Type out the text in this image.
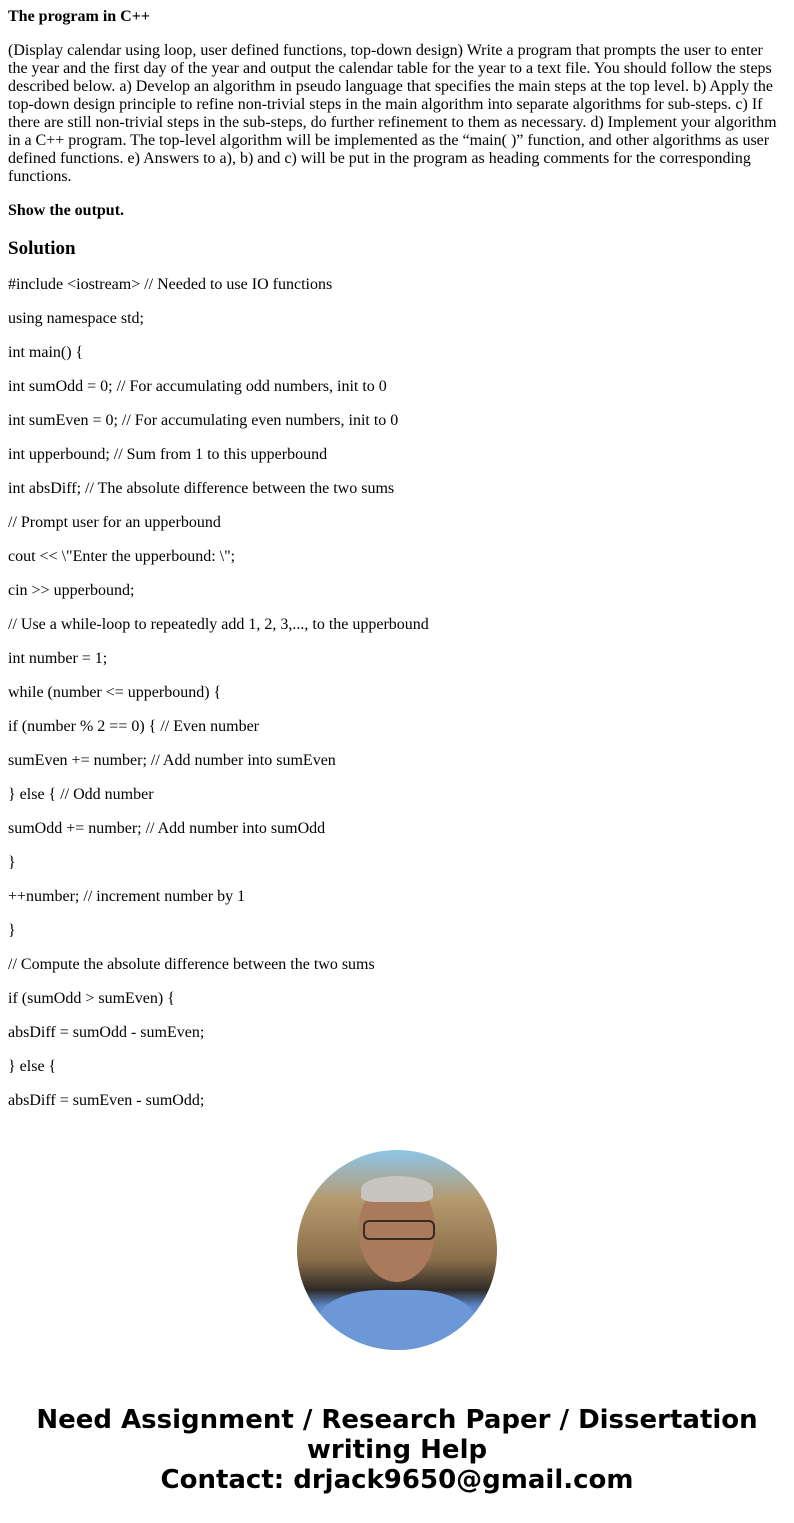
The program in C++

(Display calendar using loop, user defined functions, top-down design) Write a program that prompts the user to enter the year and the first day of the year and output the calendar table for the year to a text file. You should follow the steps described below. a) Develop an algorithm in pseudo language that specifies the main steps at the top level. b) Apply the top-down design principle to refine non-trivial steps in the main algorithm into separate algorithms for sub-steps. c) If there are still non-trivial steps in the sub-steps, do further refinement to them as necessary. d) Implement your algorithm in a C++ program. The top-level algorithm will be implemented as the “main( )” function, and other algorithms as user defined functions. e) Answers to a), b) and c) will be put in the program as heading comments for the corresponding functions.

Show the output.

Solution

#include <iostream> // Needed to use IO functions

using namespace std;

int main() {

int sumOdd = 0; // For accumulating odd numbers, init to 0

int sumEven = 0; // For accumulating even numbers, init to 0

int upperbound; // Sum from 1 to this upperbound

int absDiff; // The absolute difference between the two sums

// Prompt user for an upperbound

cout << \"Enter the upperbound: \";

cin >> upperbound;

// Use a while-loop to repeatedly add 1, 2, 3,..., to the upperbound

int number = 1;

while (number <= upperbound) {

if (number % 2 == 0) { // Even number

sumEven += number; // Add number into sumEven

} else { // Odd number

sumOdd += number; // Add number into sumOdd

}

++number; // increment number by 1

}

// Compute the absolute difference between the two sums

if (sumOdd > sumEven) {

absDiff = sumOdd - sumEven;

} else {

absDiff = sumEven - sumOdd;

Need Assignment / Research Paper / Dissertation writing Help
Contact: drjack9650@gmail.com
